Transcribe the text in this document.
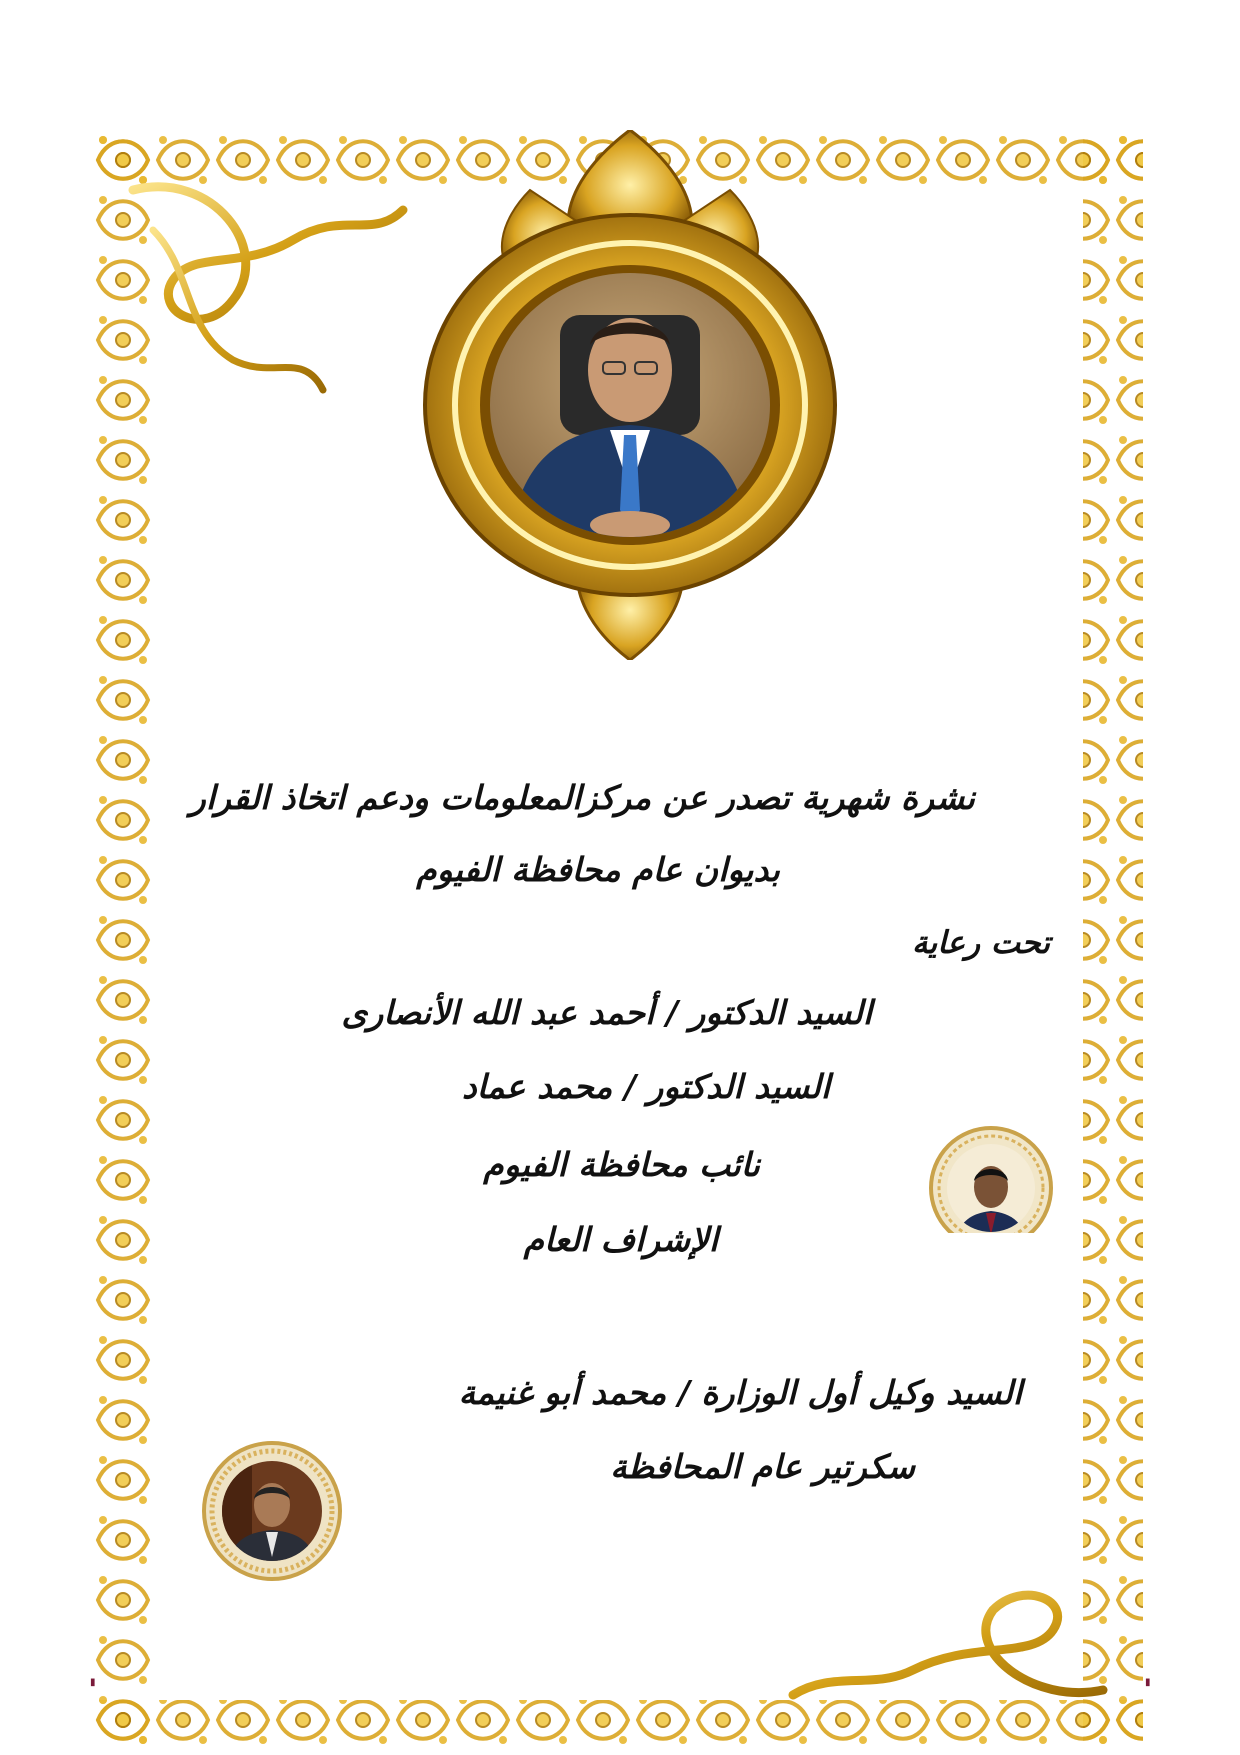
نشرة شهرية تصدر عن مركزالمعلومات ودعم اتخاذ القرار
بديوان عام محافظة الفيوم
تحت رعاية
السيد الدكتور / أحمد عبد الله الأنصارى
السيد الدكتور / محمد عماد
نائب محافظة الفيوم
الإشراف العام
السيد وكيل أول الوزارة / محمد أبو غنيمة
سكرتير عام المحافظة
▮	▮
